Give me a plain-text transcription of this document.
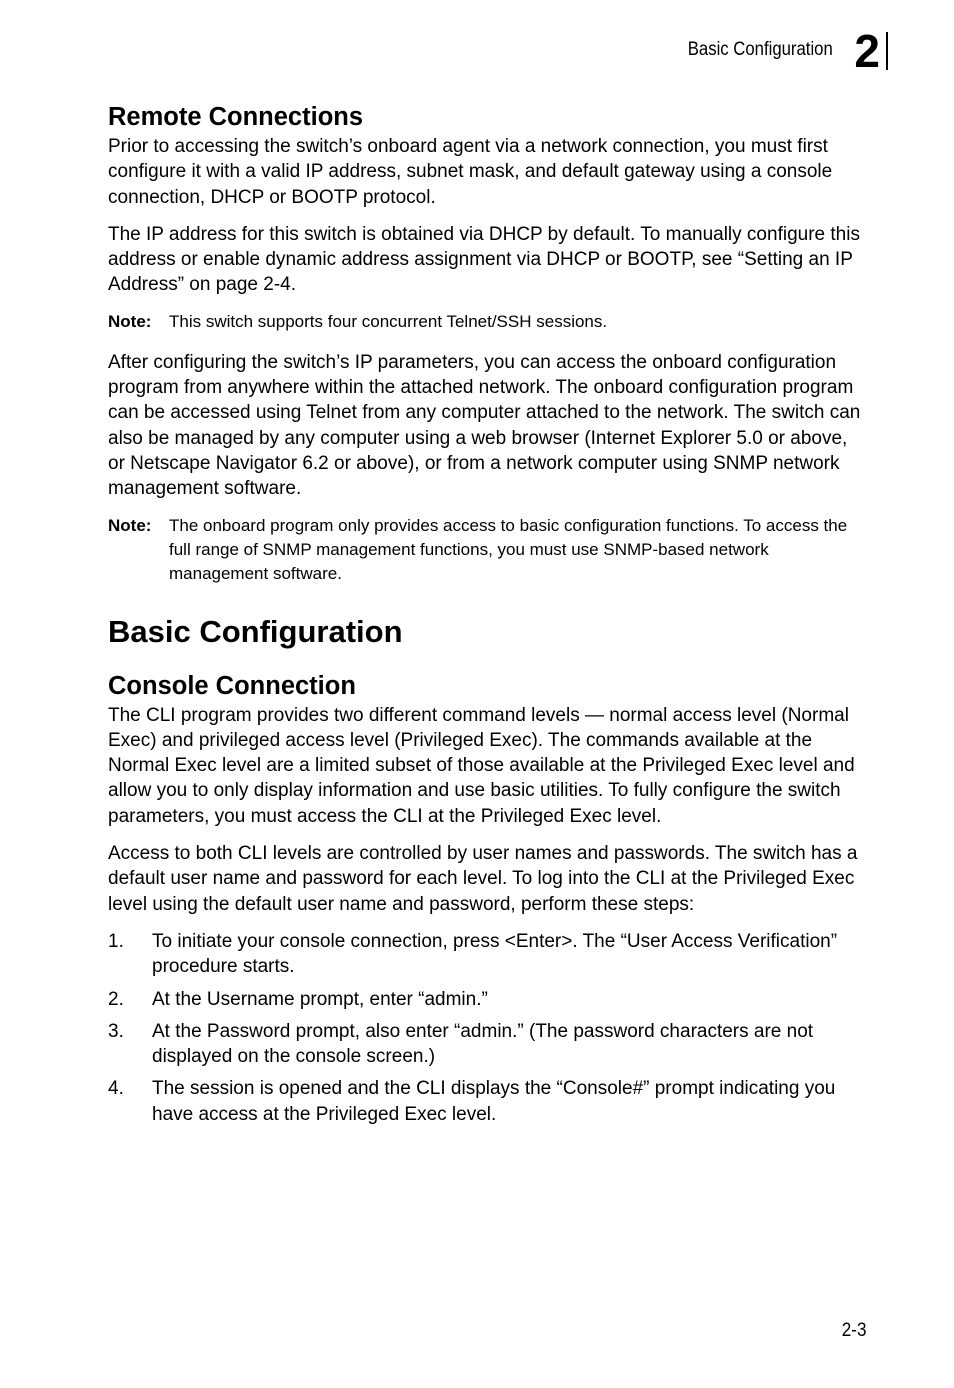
Basic Configuration 2
Remote Connections

Prior to accessing the switch’s onboard agent via a network connection, you must first configure it with a valid IP address, subnet mask, and default gateway using a console connection, DHCP or BOOTP protocol.

The IP address for this switch is obtained via DHCP by default. To manually configure this address or enable dynamic address assignment via DHCP or BOOTP, see “Setting an IP Address” on page 2-4.

Note:	This switch supports four concurrent Telnet/SSH sessions.

After configuring the switch’s IP parameters, you can access the onboard configuration program from anywhere within the attached network. The onboard configuration program can be accessed using Telnet from any computer attached to the network. The switch can also be managed by any computer using a web browser (Internet Explorer 5.0 or above, or Netscape Navigator 6.2 or above), or from a network computer using SNMP network management software.

Note:	The onboard program only provides access to basic configuration functions. To access the full range of SNMP management functions, you must use SNMP-based network management software.
Basic Configuration
Console Connection

The CLI program provides two different command levels — normal access level (Normal Exec) and privileged access level (Privileged Exec). The commands available at the Normal Exec level are a limited subset of those available at the Privileged Exec level and allow you to only display information and use basic utilities. To fully configure the switch parameters, you must access the CLI at the Privileged Exec level.

Access to both CLI levels are controlled by user names and passwords. The switch has a default user name and password for each level. To log into the CLI at the Privileged Exec level using the default user name and password, perform these steps:

1.	To initiate your console connection, press <Enter>. The “User Access Verification” procedure starts.
2.	At the Username prompt, enter “admin.”
3.	At the Password prompt, also enter “admin.” (The password characters are not displayed on the console screen.)
4.	The session is opened and the CLI displays the “Console#” prompt indicating you have access at the Privileged Exec level.
2-3
